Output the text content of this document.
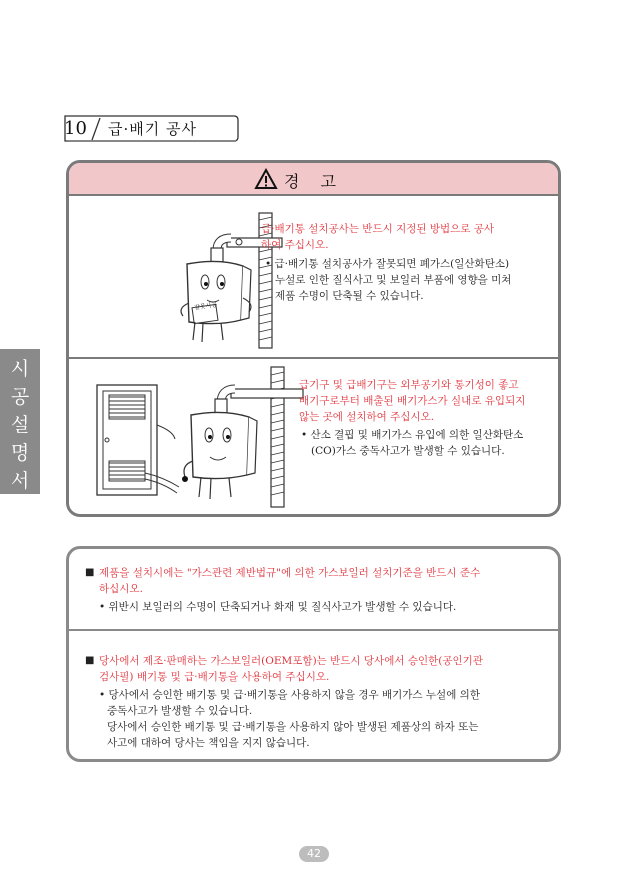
10	급·배기 공사
경 고
잘못사공
급·배기통 설치공사는 반드시 지정된 방법으로 공사
하여 주십시오.
• 급·배기통 설치공사가 잘못되면 폐가스(일산화탄소)
누설로 인한 질식사고 및 보일러 부품에 영향을 미쳐
제품 수명이 단축될 수 있습니다.
급기구 및 급배기구는 외부공기와 통기성이 좋고
배기구로부터 배출된 배기가스가 실내로 유입되지
않는 곳에 설치하여 주십시오.
• 산소 결핍 및 배기가스 유입에 의한 일산화탄소
(CO)가스 중독사고가 발생할 수 있습니다.
시
공
설
명
서
■ 제품을 설치시에는 "가스관련 제반법규"에 의한 가스보일러 설치기준을 반드시 준수
하십시오.
• 위반시 보일러의 수명이 단축되거나 화재 및 질식사고가 발생할 수 있습니다.
■ 당사에서 제조·판매하는 가스보일러(OEM포함)는 반드시 당사에서 승인한(공인기관
검사필) 배기통 및 급·배기통을 사용하여 주십시오.
• 당사에서 승인한 배기통 및 급·배기통을 사용하지 않을 경우 배기가스 누설에 의한
중독사고가 발생할 수 있습니다.
당사에서 승인한 배기통 및 급·배기통을 사용하지 않아 발생된 제품상의 하자 또는
사고에 대하여 당사는 책임을 지지 않습니다.
42
